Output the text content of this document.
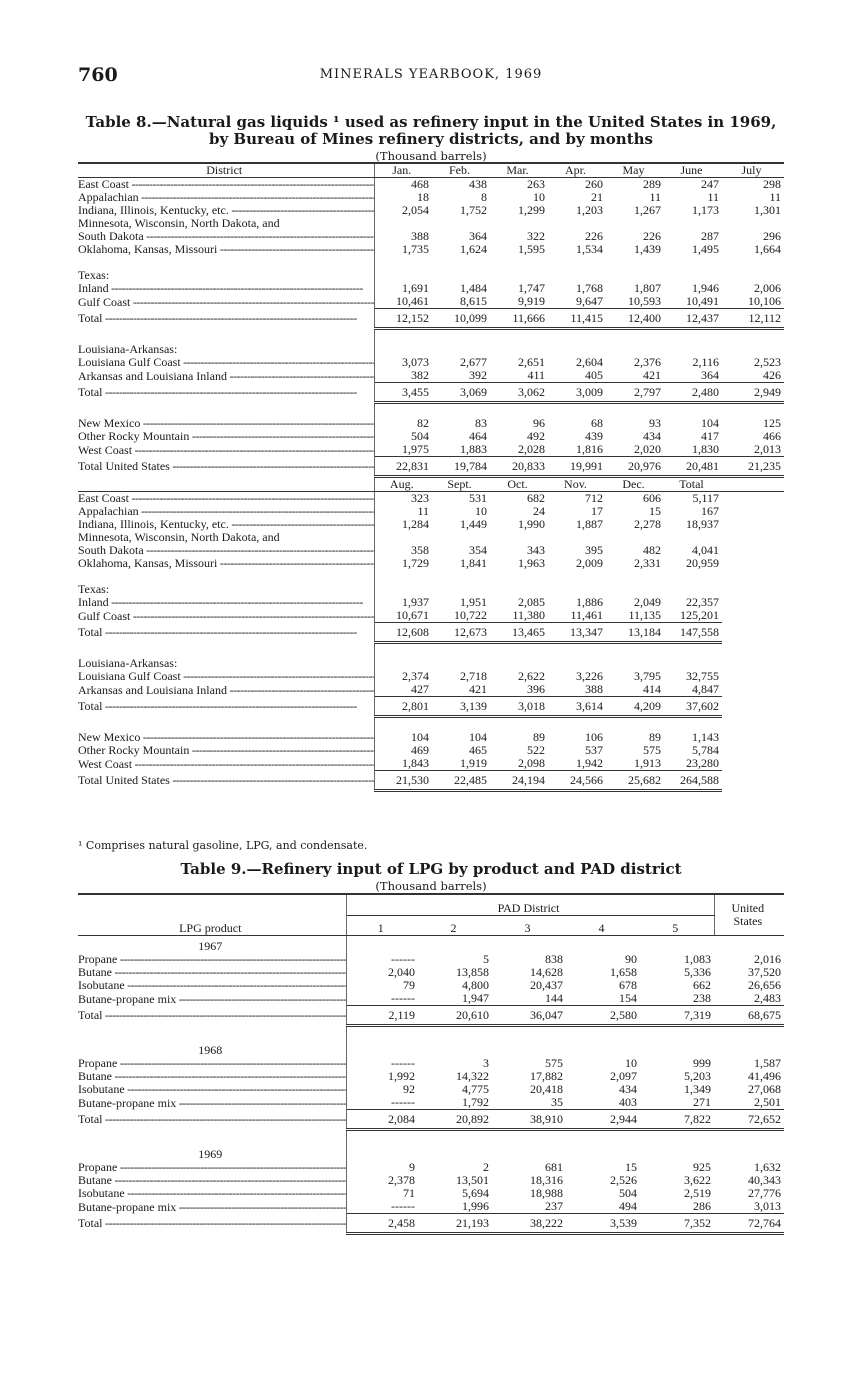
760	MINERALS YEARBOOK, 1969
Table 8.—Natural gas liquids ¹ used as refinery input in the United States in 1969,
by Bureau of Mines refinery districts, and by months
(Thousand barrels)
District	Jan.	Feb.	Mar.	Apr.	May	June	July
East Coast -----	468	438	263	260	289	247	298
Appalachian -----	18	8	10	21	11	11	11
Indiana, Illinois, Kentucky, etc. -----	2,054	1,752	1,299	1,203	1,267	1,173	1,301
Minnesota, Wisconsin, North Dakota, and							
South Dakota -----	388	364	322	226	226	287	296
Oklahoma, Kansas, Missouri -----	1,735	1,624	1,595	1,534	1,439	1,495	1,664

Texas:							
Inland -----	1,691	1,484	1,747	1,768	1,807	1,946	2,006
Gulf Coast -----	10,461	8,615	9,919	9,647	10,593	10,491	10,106
Total -----	12,152	10,099	11,666	11,415	12,400	12,437	12,112

Louisiana-Arkansas:							
Louisiana Gulf Coast -----	3,073	2,677	2,651	2,604	2,376	2,116	2,523
Arkansas and Louisiana Inland -----	382	392	411	405	421	364	426
Total -----	3,455	3,069	3,062	3,009	2,797	2,480	2,949

New Mexico -----	82	83	96	68	93	104	125
Other Rocky Mountain -----	504	464	492	439	434	417	466
West Coast -----	1,975	1,883	2,028	1,816	2,020	1,830	2,013
Total United States -----	22,831	19,784	20,833	19,991	20,976	20,481	21,235
	Aug.	Sept.	Oct.	Nov.	Dec.	Total	
East Coast -----	323	531	682	712	606	5,117	
Appalachian -----	11	10	24	17	15	167	
Indiana, Illinois, Kentucky, etc. -----	1,284	1,449	1,990	1,887	2,278	18,937	
Minnesota, Wisconsin, North Dakota, and							
South Dakota -----	358	354	343	395	482	4,041	
Oklahoma, Kansas, Missouri -----	1,729	1,841	1,963	2,009	2,331	20,959	

Texas:							
Inland -----	1,937	1,951	2,085	1,886	2,049	22,357	
Gulf Coast -----	10,671	10,722	11,380	11,461	11,135	125,201	
Total -----	12,608	12,673	13,465	13,347	13,184	147,558	

Louisiana-Arkansas:							
Louisiana Gulf Coast -----	2,374	2,718	2,622	3,226	3,795	32,755	
Arkansas and Louisiana Inland -----	427	421	396	388	414	4,847	
Total -----	2,801	3,139	3,018	3,614	4,209	37,602	

New Mexico -----	104	104	89	106	89	1,143	
Other Rocky Mountain -----	469	465	522	537	575	5,784	
West Coast -----	1,843	1,919	2,098	1,942	1,913	23,280	
Total United States -----	21,530	22,485	24,194	24,566	25,682	264,588	
¹ Comprises natural gasoline, LPG, and condensate.
Table 9.—Refinery input of LPG by product and PAD district
(Thousand barrels)
LPG product	PAD District					United
States
	1	2	3	4	5	
1967						
Propane -----	------	5	838	90	1,083	2,016
Butane -----	2,040	13,858	14,628	1,658	5,336	37,520
Isobutane -----	79	4,800	20,437	678	662	26,656
Butane-propane mix -----	------	1,947	144	154	238	2,483
Total -----	2,119	20,610	36,047	2,580	7,319	68,675

1968						
Propane -----	------	3	575	10	999	1,587
Butane -----	1,992	14,322	17,882	2,097	5,203	41,496
Isobutane -----	92	4,775	20,418	434	1,349	27,068
Butane-propane mix -----	------	1,792	35	403	271	2,501
Total -----	2,084	20,892	38,910	2,944	7,822	72,652

1969						
Propane -----	9	2	681	15	925	1,632
Butane -----	2,378	13,501	18,316	2,526	3,622	40,343
Isobutane -----	71	5,694	18,988	504	2,519	27,776
Butane-propane mix -----	------	1,996	237	494	286	3,013
Total -----	2,458	21,193	38,222	3,539	7,352	72,764
